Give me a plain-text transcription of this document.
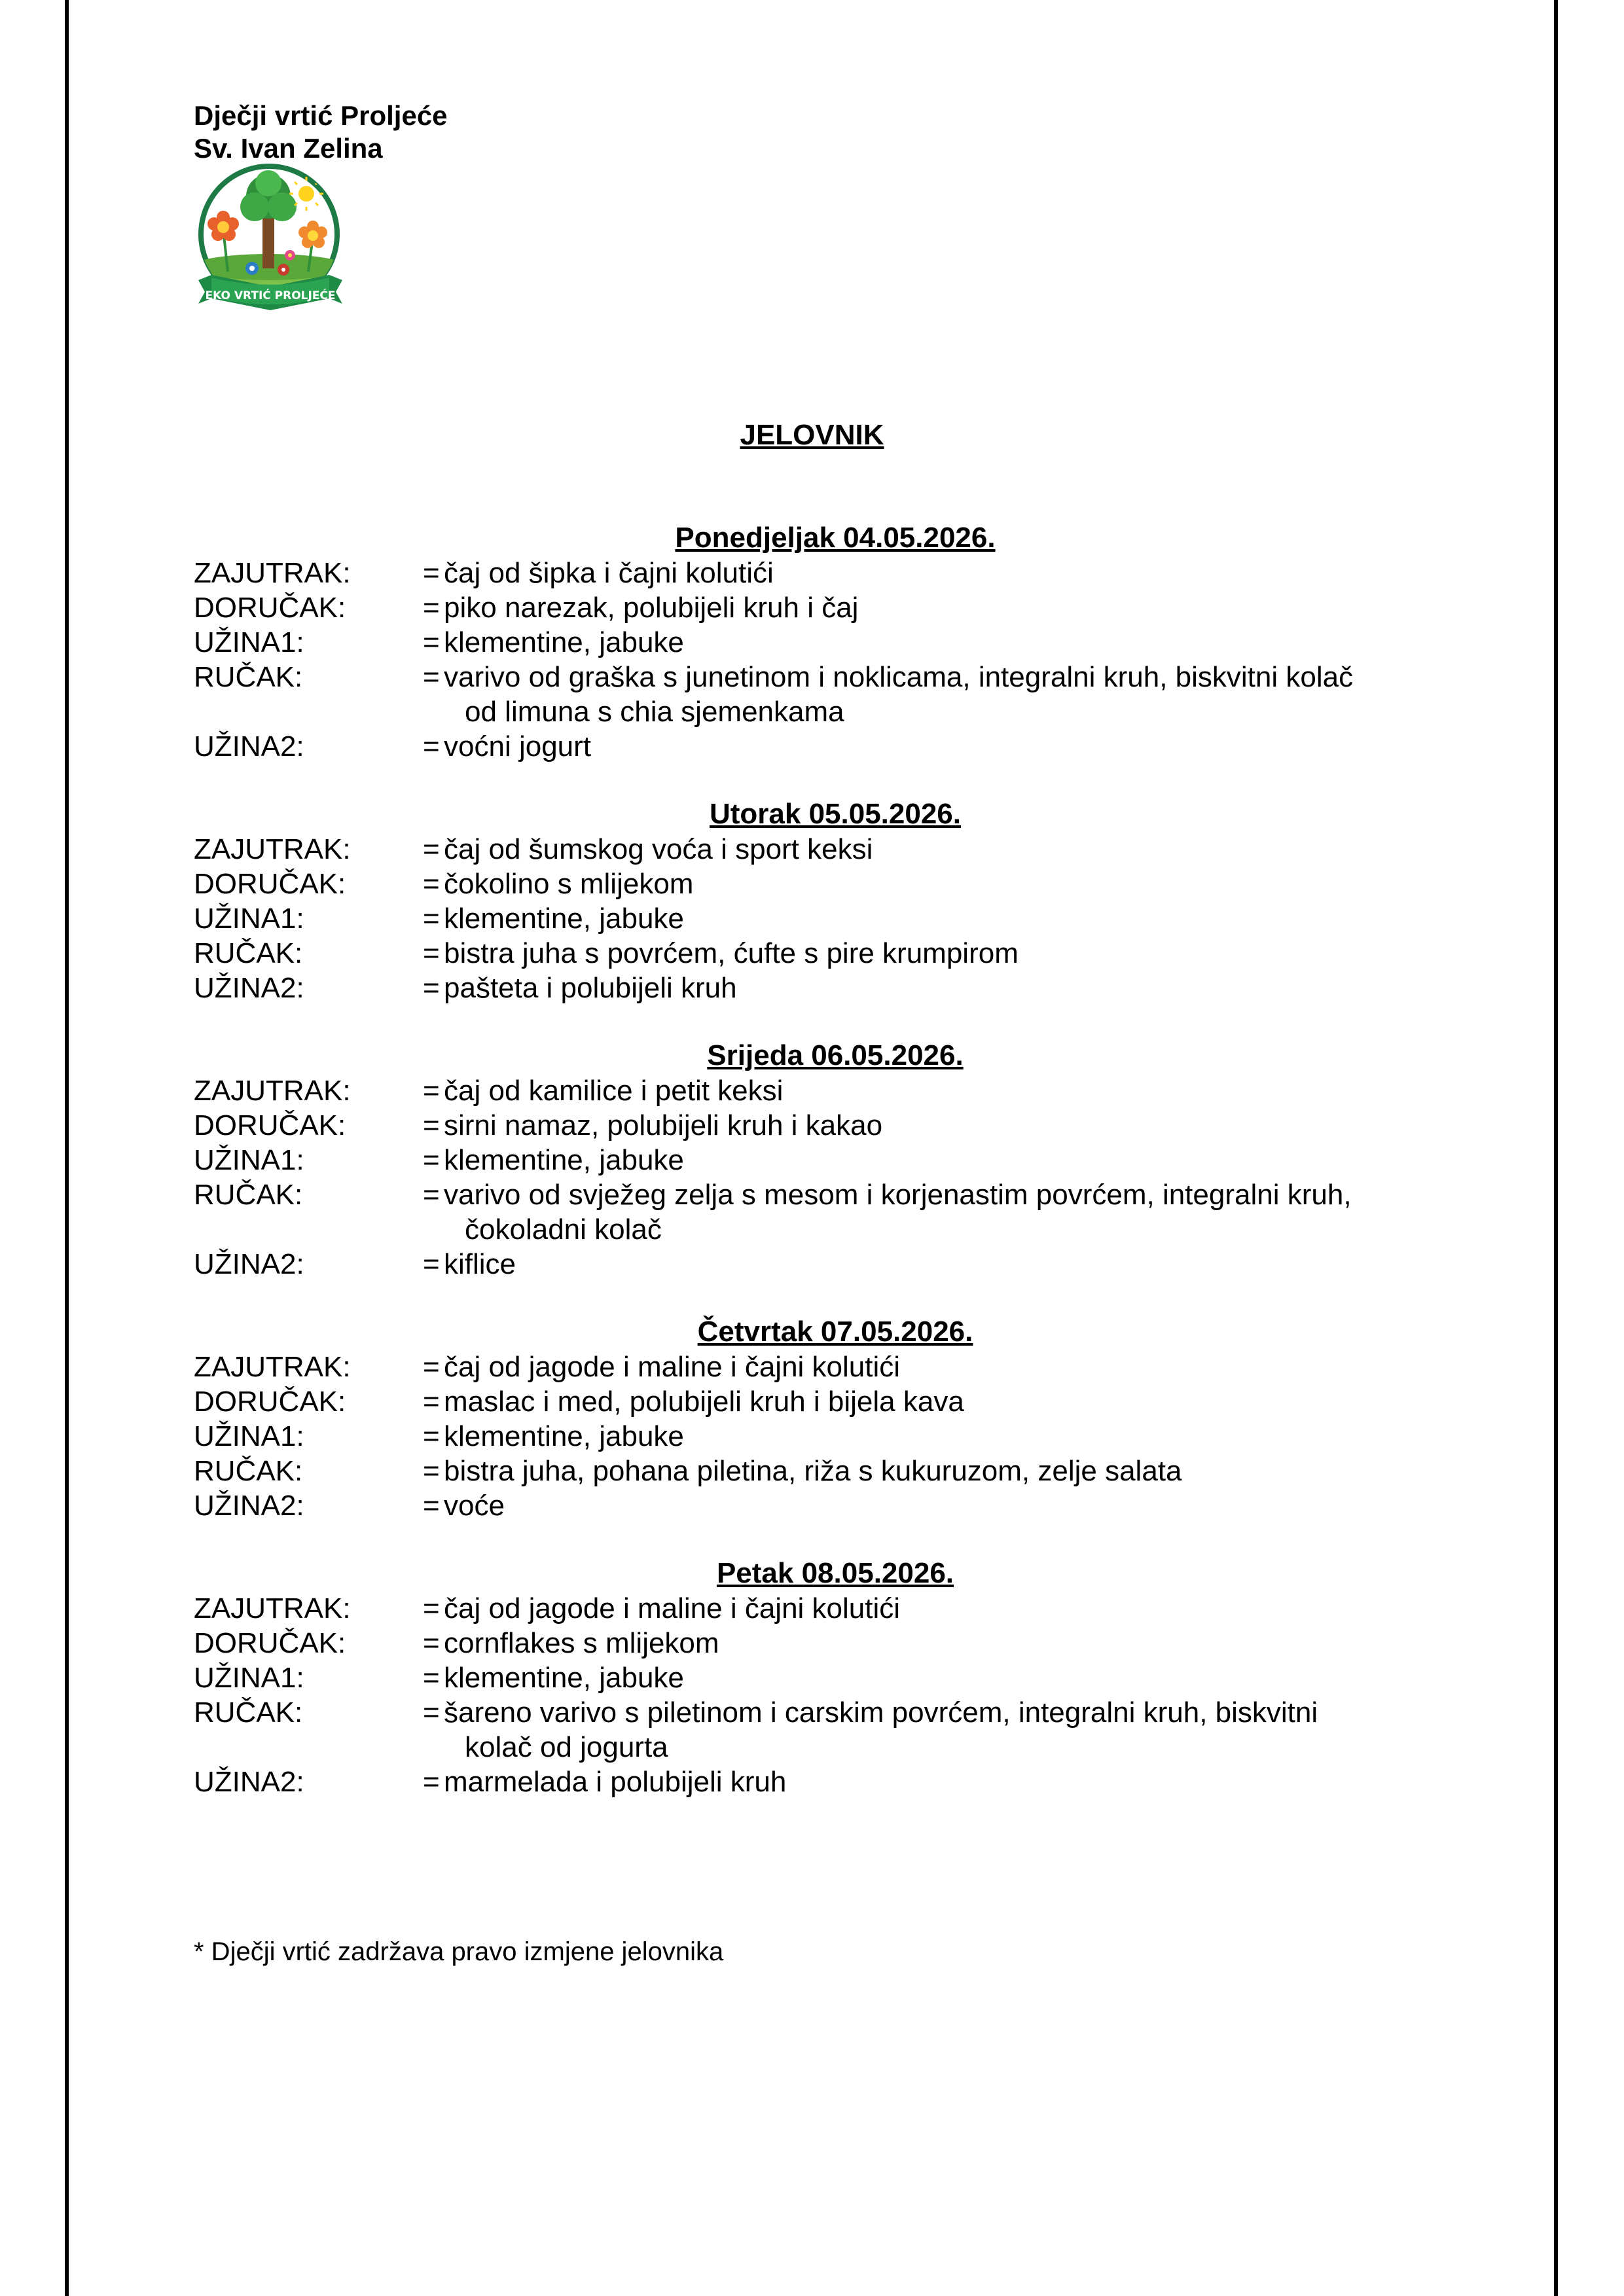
Dječji vrtić Proljeće
Sv. Ivan Zelina
EKO VRTIĆ PROLJEĆE
JELOVNIK
Ponedjeljak 04.05.2026.
ZAJUTRAK:	= čaj od šipka i čajni kolutići
DORUČAK:	= piko narezak, polubijeli kruh i čaj
UŽINA1:	= klementine, jabuke
RUČAK:	= varivo od graška s junetinom i noklicama, integralni kruh, biskvitni kolač
od limuna s chia sjemenkama
UŽINA2:	= voćni jogurt
Utorak 05.05.2026.
ZAJUTRAK:	= čaj od šumskog voća i sport keksi
DORUČAK:	= čokolino s mlijekom
UŽINA1:	= klementine, jabuke
RUČAK:	= bistra juha s povrćem, ćufte s pire krumpirom
UŽINA2:	= pašteta i polubijeli kruh
Srijeda 06.05.2026.
ZAJUTRAK:	= čaj od kamilice i petit keksi
DORUČAK:	= sirni namaz, polubijeli kruh i kakao
UŽINA1:	= klementine, jabuke
RUČAK:	= varivo od svježeg zelja s mesom i korjenastim povrćem, integralni kruh,
čokoladni kolač
UŽINA2:	= kiflice
Četvrtak 07.05.2026.
ZAJUTRAK:	= čaj od jagode i maline i čajni kolutići
DORUČAK:	= maslac i med, polubijeli kruh i bijela kava
UŽINA1:	= klementine, jabuke
RUČAK:	= bistra juha, pohana piletina, riža s kukuruzom, zelje salata
UŽINA2:	= voće
Petak 08.05.2026.
ZAJUTRAK:	= čaj od jagode i maline i čajni kolutići
DORUČAK:	= cornflakes s mlijekom
UŽINA1:	= klementine, jabuke
RUČAK:	= šareno varivo s piletinom i carskim povrćem, integralni kruh, biskvitni
kolač od jogurta
UŽINA2:	= marmelada i polubijeli kruh
* Dječji vrtić zadržava pravo izmjene jelovnika
